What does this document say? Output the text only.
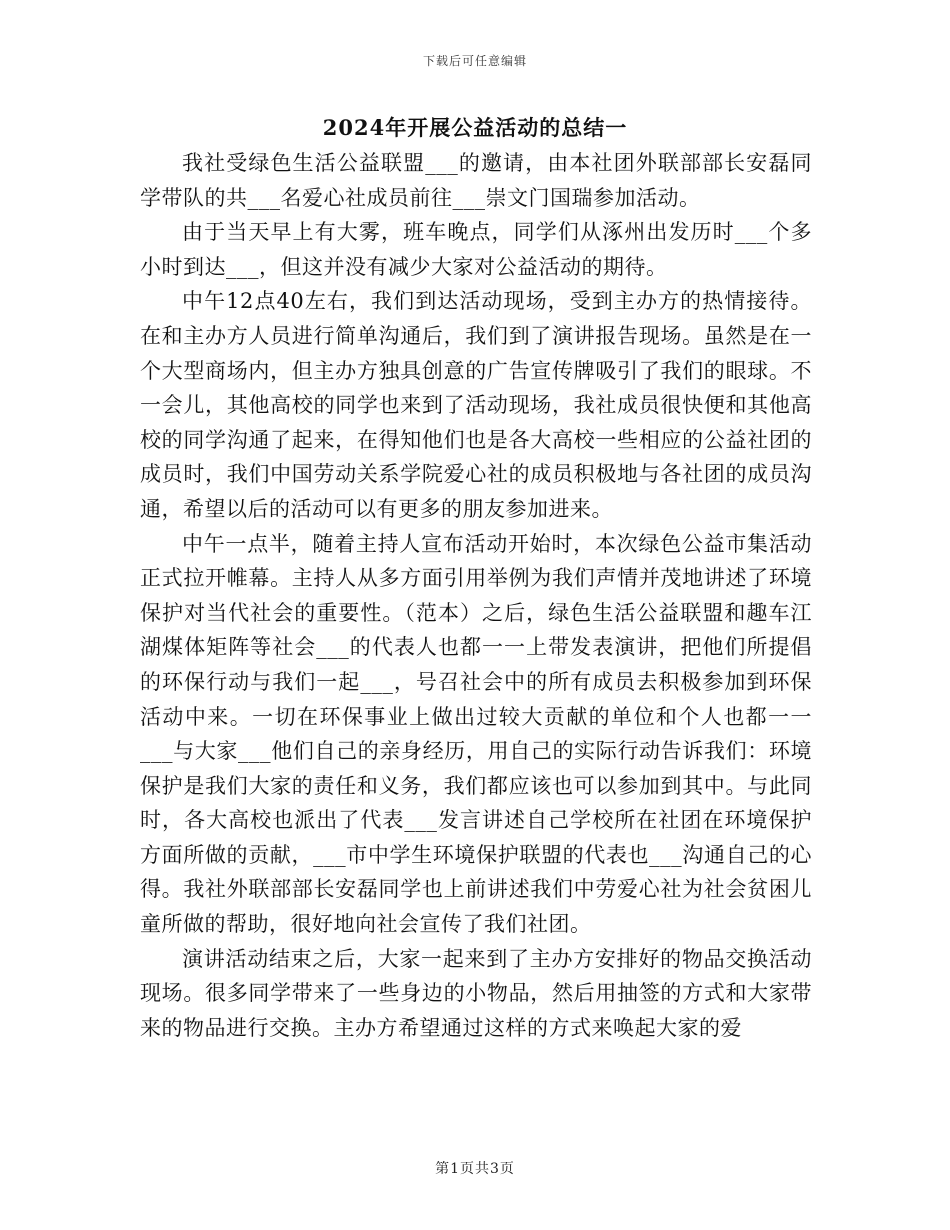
下载后可任意编辑
2024年开展公益活动的总结一

我社受绿色生活公益联盟___的邀请，由本社团外联部部长安磊同学带队的共___名爱心社成员前往___崇文门国瑞参加活动。

由于当天早上有大雾，班车晚点，同学们从涿州出发历时___个多小时到达___，但这并没有减少大家对公益活动的期待。

中午12点40左右，我们到达活动现场，受到主办方的热情接待。在和主办方人员进行简单沟通后，我们到了演讲报告现场。虽然是在一个大型商场内，但主办方独具创意的广告宣传牌吸引了我们的眼球。不一会儿，其他高校的同学也来到了活动现场，我社成员很快便和其他高校的同学沟通了起来，在得知他们也是各大高校一些相应的公益社团的成员时，我们中国劳动关系学院爱心社的成员积极地与各社团的成员沟通，希望以后的活动可以有更多的朋友参加进来。

中午一点半，随着主持人宣布活动开始时，本次绿色公益市集活动正式拉开帷幕。主持人从多方面引用举例为我们声情并茂地讲述了环境保护对当代社会的重要性。（范本）之后，绿色生活公益联盟和趣车江湖煤体矩阵等社会___的代表人也都一一上带发表演讲，把他们所提倡的环保行动与我们一起___，号召社会中的所有成员去积极参加到环保活动中来。一切在环保事业上做出过较大贡献的单位和个人也都一一___与大家___他们自己的亲身经历，用自己的实际行动告诉我们：环境保护是我们大家的责任和义务，我们都应该也可以参加到其中。与此同时，各大高校也派出了代表___发言讲述自己学校所在社团在环境保护方面所做的贡献，___市中学生环境保护联盟的代表也___沟通自己的心得。我社外联部部长安磊同学也上前讲述我们中劳爱心社为社会贫困儿童所做的帮助，很好地向社会宣传了我们社团。

演讲活动结束之后，大家一起来到了主办方安排好的物品交换活动现场。很多同学带来了一些身边的小物品，然后用抽签的方式和大家带来的物品进行交换。主办方希望通过这样的方式来唤起大家的爱

第1页共3页
